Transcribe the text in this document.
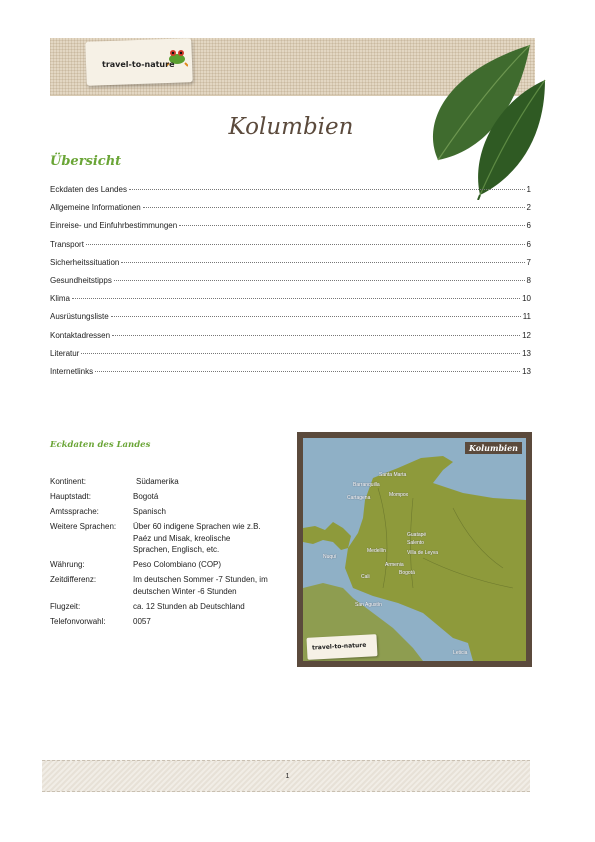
travel-to-nature
Kolumbien
Übersicht
Eckdaten des Landes	1
Allgemeine Informationen	2
Einreise- und Einfuhrbestimmungen	6
Transport	6
Sicherheitssituation	7
Gesundheitstipps	8
Klima	10
Ausrüstungsliste	11
Kontaktadressen	12
Literatur	13
Internetlinks	13
Eckdaten des Landes
Kontinent:	Südamerika
Hauptstadt:	Bogotá
Amtssprache:	Spanisch
Weitere Sprachen:	Über 60 indigene Sprachen wie z.B. Paéz und Misak, kreolische Sprachen, Englisch, etc.
Währung:	Peso Colombiano (COP)
Zeitdifferenz:	Im deutschen Sommer -7 Stunden, im deutschen Winter -6 Stunden
Flugzeit:	ca. 12 Stunden ab Deutschland
Telefonvorwahl:	0057
Kolumbien
Santa Marta
Barranquilla
Cartagena	Mompox
Medellín
Guatapé
Salento
Villa de Leyva
Nuquí
Armenia
Bogotá
Cali
San Agustín
Leticia
travel-to-nature
1
